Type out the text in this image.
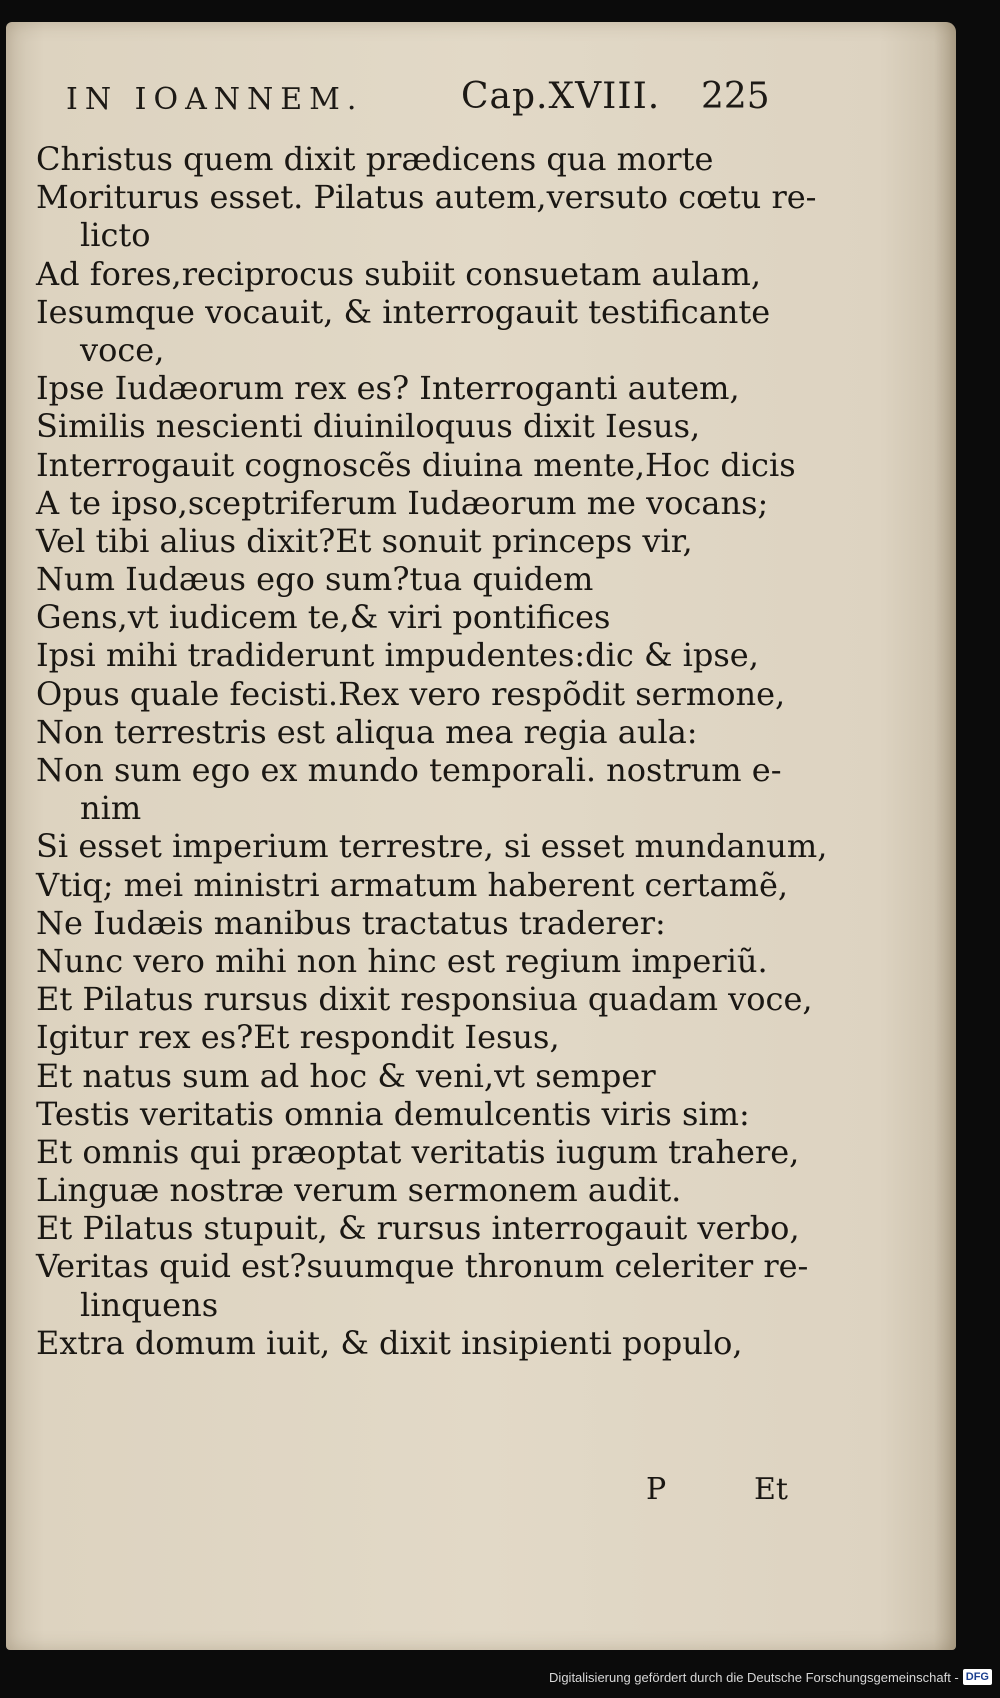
IN IOANNEM.	Cap.XVIII. 225
Christus quem dixit prædicens qua morte
Moriturus esset. Pilatus autem,versuto cœtu re-
licto
Ad fores,reciprocus subiit consuetam aulam,
Iesumque vocauit, & interrogauit testificante
voce,
Ipse Iudæorum rex es? Interroganti autem,
Similis nescienti diuiniloquus dixit Iesus,
Interrogauit cognoscẽs diuina mente,Hoc dicis
A te ipso,sceptriferum Iudæorum me vocans;
Vel tibi alius dixit?Et sonuit princeps vir,
Num Iudæus ego sum?tua quidem
Gens,vt iudicem te,& viri pontifices
Ipsi mihi tradiderunt impudentes:dic & ipse,
Opus quale fecisti.Rex vero respõdit sermone,
Non terrestris est aliqua mea regia aula:
Non sum ego ex mundo temporali. nostrum e-
nim
Si esset imperium terrestre, si esset mundanum,
Vtiq; mei ministri armatum haberent certamẽ,
Ne Iudæis manibus tractatus traderer:
Nunc vero mihi non hinc est regium imperiũ.
Et Pilatus rursus dixit responsiua quadam voce,
Igitur rex es?Et respondit Iesus,
Et natus sum ad hoc & veni,vt semper
Testis veritatis omnia demulcentis viris sim:
Et omnis qui præoptat veritatis iugum trahere,
Linguæ nostræ verum sermonem audit.
Et Pilatus stupuit, & rursus interrogauit verbo,
Veritas quid est?suumque thronum celeriter re-
linquens
Extra domum iuit, & dixit insipienti populo,
P	Et
Digitalisierung gefördert durch die Deutsche Forschungsgemeinschaft - DFG
